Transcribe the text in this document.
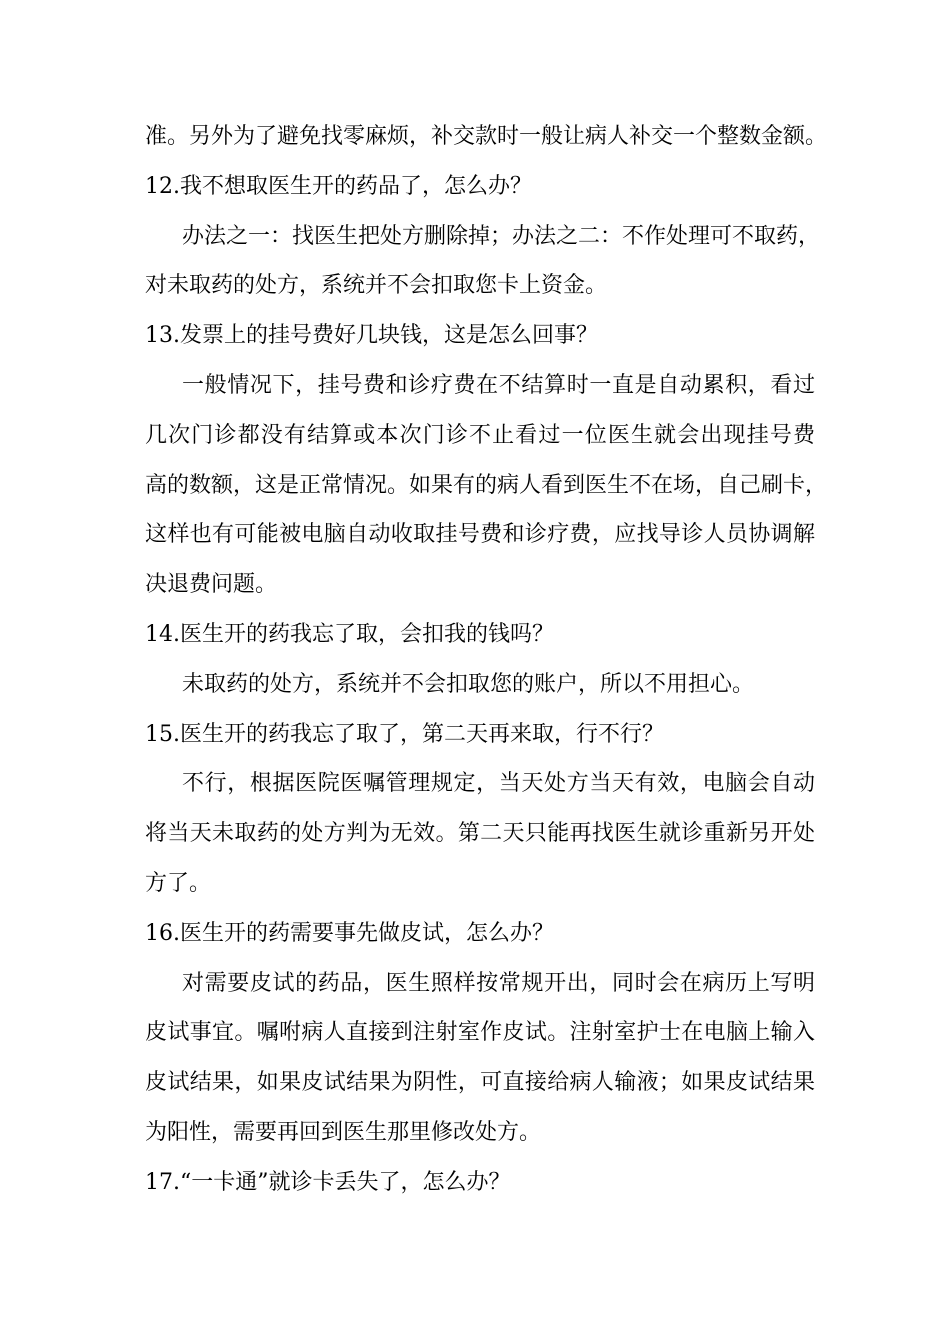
准。另外为了避免找零麻烦，补交款时一般让病人补交一个整数金额。
12.我不想取医生开的药品了，怎么办？
办法之一：找医生把处方删除掉；办法之二：不作处理可不取药，
对未取药的处方，系统并不会扣取您卡上资金。
13.发票上的挂号费好几块钱，这是怎么回事？
一般情况下，挂号费和诊疗费在不结算时一直是自动累积，看过
几次门诊都没有结算或本次门诊不止看过一位医生就会出现挂号费
高的数额，这是正常情况。如果有的病人看到医生不在场，自己刷卡，
这样也有可能被电脑自动收取挂号费和诊疗费，应找导诊人员协调解
决退费问题。
14.医生开的药我忘了取，会扣我的钱吗？
未取药的处方，系统并不会扣取您的账户，所以不用担心。
15.医生开的药我忘了取了，第二天再来取，行不行？
不行，根据医院医嘱管理规定，当天处方当天有效，电脑会自动
将当天未取药的处方判为无效。第二天只能再找医生就诊重新另开处
方了。
16.医生开的药需要事先做皮试，怎么办？
对需要皮试的药品，医生照样按常规开出，同时会在病历上写明
皮试事宜。嘱咐病人直接到注射室作皮试。注射室护士在电脑上输入
皮试结果，如果皮试结果为阴性，可直接给病人输液；如果皮试结果
为阳性，需要再回到医生那里修改处方。
17.“一卡通”就诊卡丢失了，怎么办？
